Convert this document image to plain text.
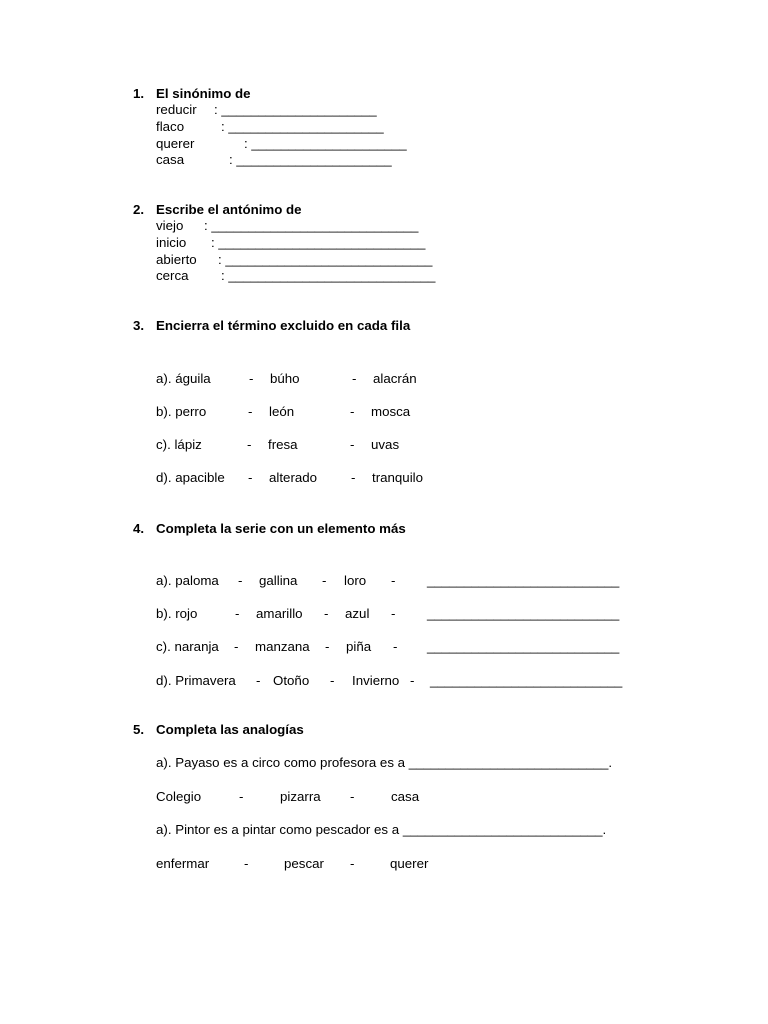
1. El sinónimo de
reducir : _____________________
flaco	: _____________________
querer	: _____________________
casa	: _____________________
2. Escribe el antónimo de
viejo : ____________________________
inicio : ____________________________
abierto : ____________________________
cerca : ____________________________
3. Encierra el término excluido en cada fila
a). águila	- búho	- alacrán
b). perro	- león	- mosca
c). lápiz	- fresa	- uvas
d). apacible - alterado	- tranquilo
4. Completa la serie con un elemento más
a). paloma - gallina - loro - __________________________
b). rojo	- amarillo - azul - __________________________
c). naranja - manzana - piña - __________________________
d). Primavera - Otoño - Invierno - __________________________
5. Completa las analogías
a). Payaso es a circo como profesora es a ___________________________.
Colegio	-	pizarra -	casa
a). Pintor es a pintar como pescador es a ___________________________.
enfermar	-	pescar -	querer
